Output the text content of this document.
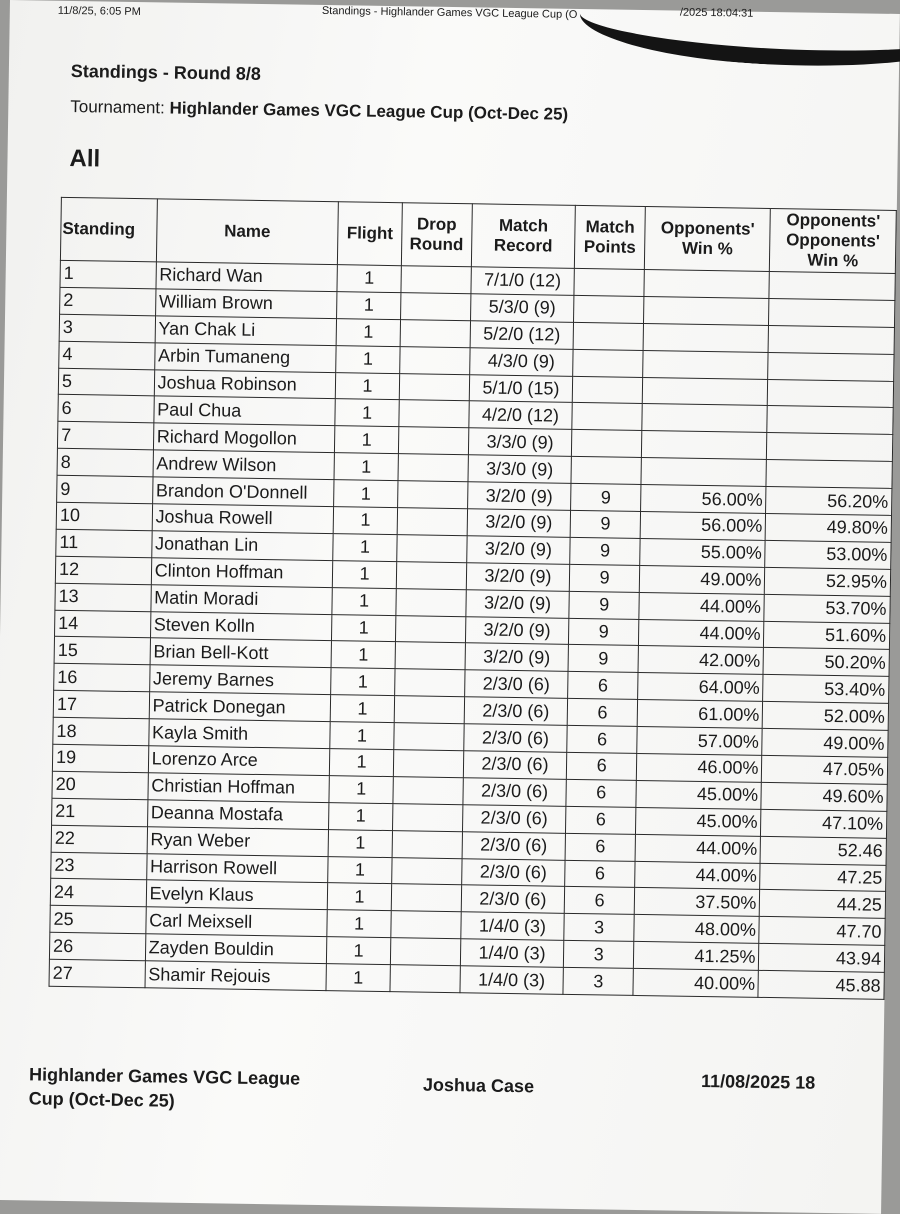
11/8/25, 6:05 PM	Standings - Highlander Games VGC League Cup (O	/2025 18:04:31
Standings - Round 8/8
Tournament: Highlander Games VGC League Cup (Oct-Dec 25)
All
Standing	Name	Flight	Drop Round	Match Record	Match Points	Opponents' Win %	Opponents' Opponents' Win %
1	Richard Wan	1		7/1/0 (12)			
2	William Brown	1		5/3/0 (9)			
3	Yan Chak Li	1		5/2/0 (12)			
4	Arbin Tumaneng	1		4/3/0 (9)			
5	Joshua Robinson	1		5/1/0 (15)			
6	Paul Chua	1		4/2/0 (12)			
7	Richard Mogollon	1		3/3/0 (9)			
8	Andrew Wilson	1		3/3/0 (9)			
9	Brandon O'Donnell	1		3/2/0 (9)	9	56.00%	56.20%
10	Joshua Rowell	1		3/2/0 (9)	9	56.00%	49.80%
11	Jonathan Lin	1		3/2/0 (9)	9	55.00%	53.00%
12	Clinton Hoffman	1		3/2/0 (9)	9	49.00%	52.95%
13	Matin Moradi	1		3/2/0 (9)	9	44.00%	53.70%
14	Steven Kolln	1		3/2/0 (9)	9	44.00%	51.60%
15	Brian Bell-Kott	1		3/2/0 (9)	9	42.00%	50.20%
16	Jeremy Barnes	1		2/3/0 (6)	6	64.00%	53.40%
17	Patrick Donegan	1		2/3/0 (6)	6	61.00%	52.00%
18	Kayla Smith	1		2/3/0 (6)	6	57.00%	49.00%
19	Lorenzo Arce	1		2/3/0 (6)	6	46.00%	47.05%
20	Christian Hoffman	1		2/3/0 (6)	6	45.00%	49.60%
21	Deanna Mostafa	1		2/3/0 (6)	6	45.00%	47.10%
22	Ryan Weber	1		2/3/0 (6)	6	44.00%	52.46
23	Harrison Rowell	1		2/3/0 (6)	6	44.00%	47.25
24	Evelyn Klaus	1		2/3/0 (6)	6	37.50%	44.25
25	Carl Meixsell	1		1/4/0 (3)	3	48.00%	47.70
26	Zayden Bouldin	1		1/4/0 (3)	3	41.25%	43.94
27	Shamir Rejouis	1		1/4/0 (3)	3	40.00%	45.88
Highlander Games VGC League Cup (Oct-Dec 25)
Joshua Case	11/08/2025 18
